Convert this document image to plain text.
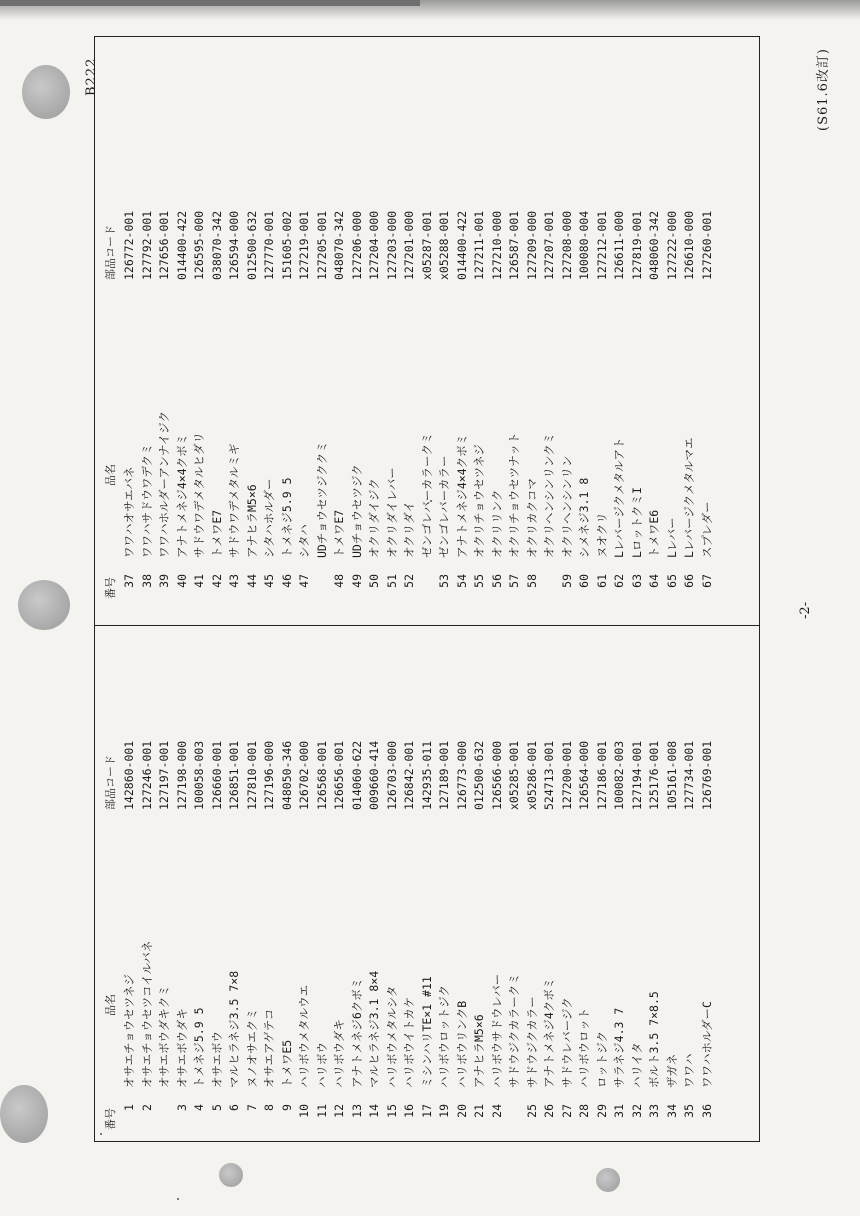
B222	(S61.6改訂)
-2-
番号
品名
部品コード
番号
品名
部品コード
1
オサエチョウセツネジ
142860-001
2
オサエチョウセツコイルバネ
127246-001
オサエボウダキクミ
127197-001
3
オサエボウダキ
127198-000
4
トメネジ5.9 5
100058-003
5
オサエボウ
126660-001
6
マルヒラネジ3.5 7×8
126851-001
7
ヌノオサエクミ
127810-001
8
オサエアゲテコ
127196-000
9
トメワE5
048050-346
10
ハリボウメタルウエ
126702-000
11
ハリボウ
126568-001
12
ハリボウダキ
126656-001
13
アナトメネジ6クボミ
014060-622
14
マルヒラネジ3.1 8×4
009660-414
15
ハリボウメタルシタ
126703-000
16
ハリボウイトカケ
126842-001
17
ミシンハリTE×1 #11
142935-011
19
ハリボウロットジク
127189-001
20
ハリボウリンクB
126773-000
21
アナヒラM5×6
012500-632
24
ハリボウサドウレバー
126566-000
サドウジクカラークミ
x05285-001
25
サドウジクカラー
x05286-001
26
アナトメネジ4クボミ
524713-001
27
サドウレバージク
127200-001
28
ハリボウロット
126564-000
29
ロットジク
127186-001
31
サラネジ4.3 7
100082-003
32
ハリイタ
127194-001
33
ボルト3.5 7×8.5
125176-001
34
ザガネ
105161-008
35
ワワハ
127734-001
36
ワワハホルダーC
126769-001
37
ワワハオサエバネ
126772-001
38
ワワハサドウワデクミ
127792-001
39
ワワハホルダーアンナイジク
127656-001
40
アナトメネジ4×4クボミ
014400-422
41
サドウワデメタルヒダリ
126595-000
42
トメワE7
038070-342
43
サドウワデメタルミギ
126594-000
44
アナヒラM5×6
012500-632
45
シタハホルダー
127770-001
46
トメネジ5.9 5
151605-002
47
シタハ
127219-001
UDチョウセツジククミ
127205-001
48
トメワE7
048070-342
49
UDチョウセツジク
127206-000
50
オクリダイジク
127204-000
51
オクリダイレバー
127203-000
52
オクリダイ
127201-000
ゼンゴレバーカラークミ
x05287-001
53
ゼンゴレバーカラー
x05288-001
54
アナトメネジ4×4クボミ
014400-422
55
オクリチョウセツネジ
127211-001
56
オクリリンク
127210-000
57
オクリチョウセツナット
126587-001
58
オクリカクコマ
127209-000
オクリヘンシンリンクミ
127207-001
59
オクリヘンシンリン
127208-000
60
シメネジ3.1 8
100080-004
61
ヌオクリ
127212-001
62
Lレバージクメタルアト
126611-000
63
LロットクミI
127819-001
64
トメワE6
048060-342
65
Lレバー
127222-000
66
Lレバージクメタルマエ
126610-000
67
スプレダー
127260-001
